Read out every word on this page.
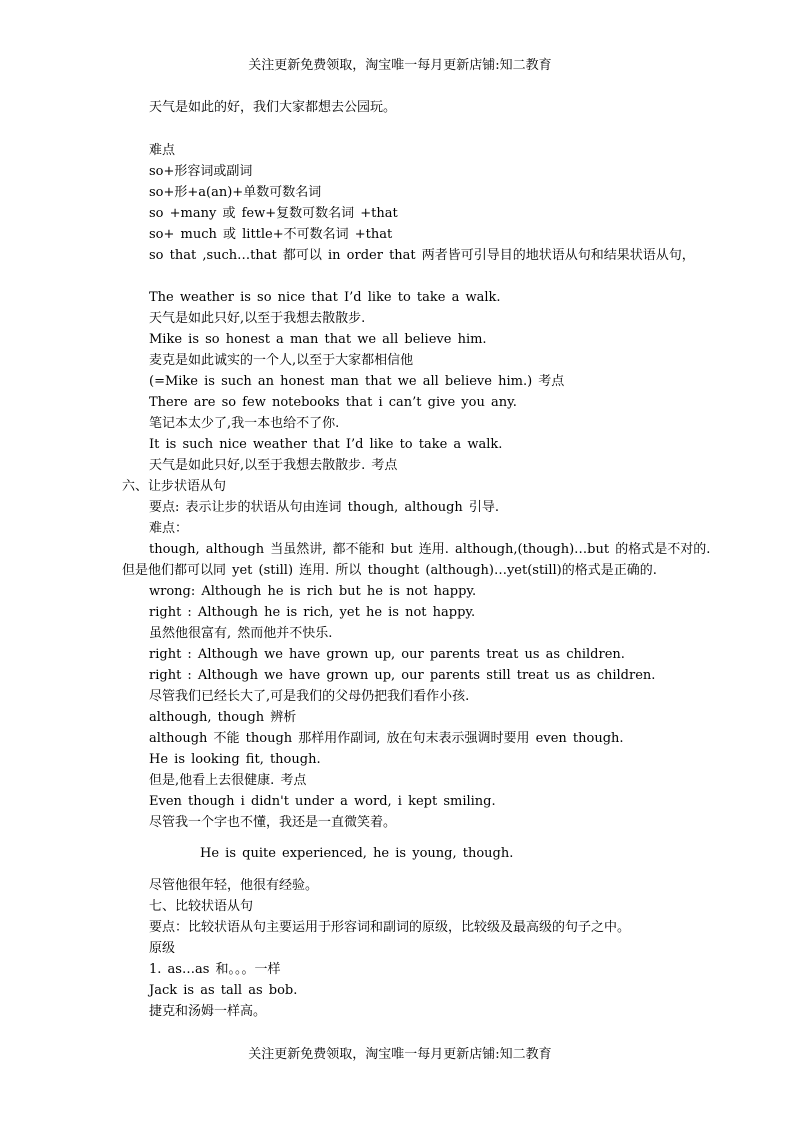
关注更新免费领取，淘宝唯一每月更新店铺:知二教育
天气是如此的好，我们大家都想去公园玩。
难点
so+形容词或副词
so+形+a(an)+单数可数名词
so +many 或 few+复数可数名词 +that
so+ much 或 little+不可数名词 +that
so that ,such…that 都可以 in order that 两者皆可引导目的地状语从句和结果状语从句，
The weather is so nice that I’d like to take a walk.
天气是如此只好,以至于我想去散散步.
Mike is so honest a man that we all believe him.
麦克是如此诚实的一个人,以至于大家都相信他
(=Mike is such an honest man that we all believe him.) 考点
There are so few notebooks that i can’t give you any.
笔记本太少了,我一本也给不了你.
It is such nice weather that I’d like to take a walk.
天气是如此只好,以至于我想去散散步. 考点
六、让步状语从句
要点: 表示让步的状语从句由连词 though, although 引导.
难点：
though, although 当虽然讲, 都不能和 but 连用. although,(though)…but 的格式是不对的.
但是他们都可以同 yet (still) 连用. 所以 thought (although)…yet(still)的格式是正确的.
wrong: Although he is rich but he is not happy.
right : Although he is rich, yet he is not happy.
虽然他很富有, 然而他并不快乐.
right : Although we have grown up, our parents treat us as children.
right : Although we have grown up, our parents still treat us as children.
尽管我们已经长大了,可是我们的父母仍把我们看作小孩.
although, though 辨析
although 不能 though 那样用作副词, 放在句末表示强调时要用 even though.
He is looking fit, though.
但是,他看上去很健康. 考点
Even though i didn't under a word, i kept smiling.
尽管我一个字也不懂，我还是一直微笑着。
He is quite experienced, he is young, though.
尽管他很年轻，他很有经验。
七、比较状语从句
要点：比较状语从句主要运用于形容词和副词的原级，比较级及最高级的句子之中。
原级
1. as…as 和。。。一样
Jack is as tall as bob.
捷克和汤姆一样高。
关注更新免费领取，淘宝唯一每月更新店铺:知二教育
